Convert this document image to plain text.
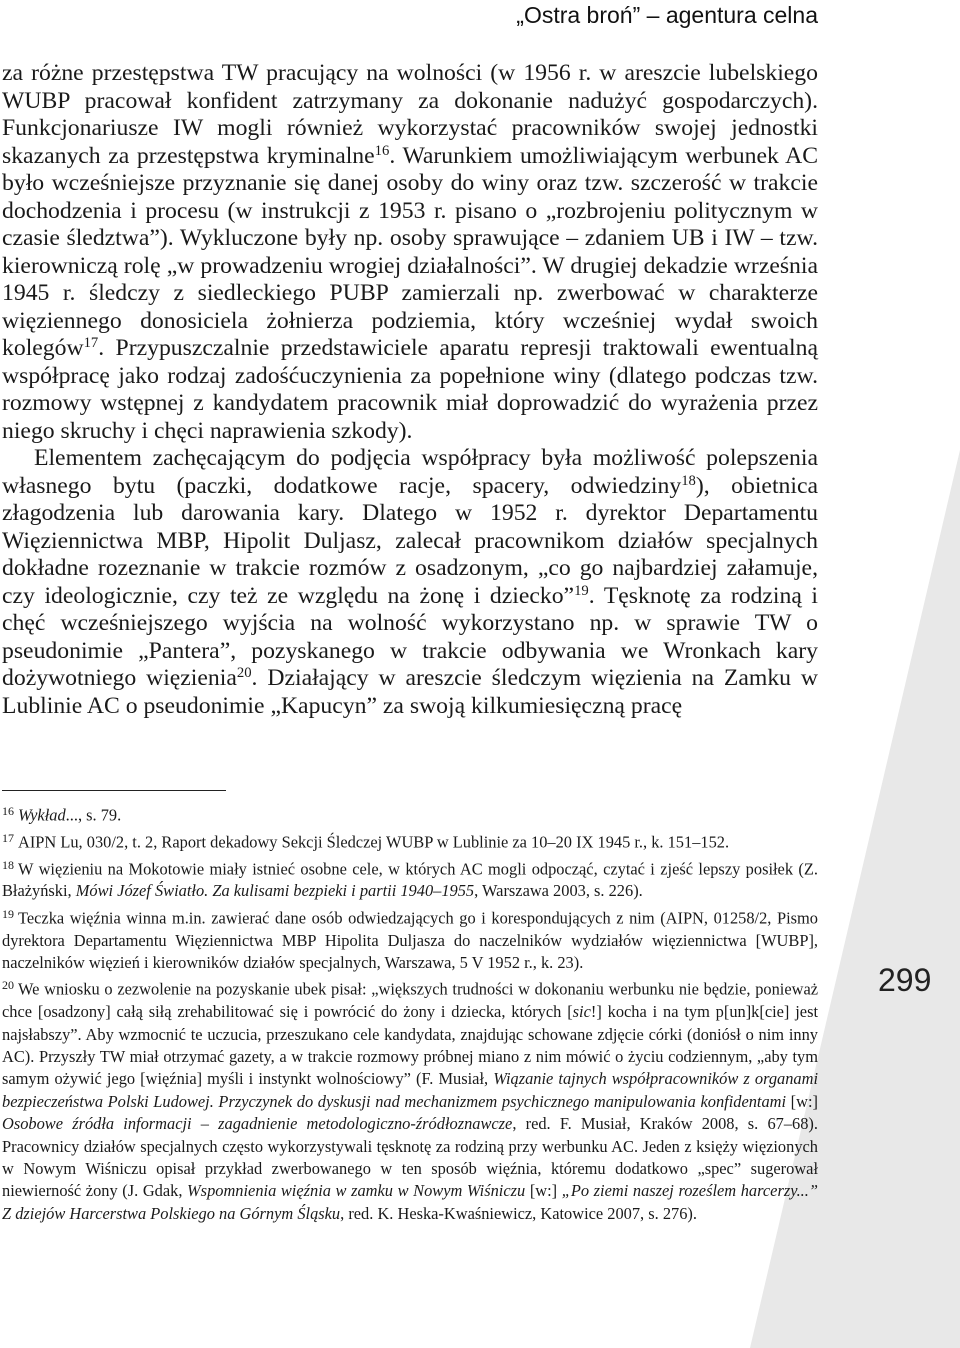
„Ostra broń” – agentura celna

za różne przestępstwa TW pracujący na wolności (w 1956 r. w areszcie lubelskiego WUBP pracował konfident zatrzymany za dokonanie nadużyć gospodarczych). Funkcjonariusze IW mogli również wykorzystać pracowników swojej jednostki skazanych za przestępstwa kryminalne$^{16}$. Warunkiem umożliwiającym werbunek AC było wcześniejsze przyznanie się danej osoby do winy oraz tzw. szczerość w trakcie dochodzenia i procesu (w instrukcji z 1953 r. pisano o „rozbrojeniu politycznym w czasie śledztwa”). Wykluczone były np. osoby sprawujące – zdaniem UB i IW – tzw. kierowniczą rolę „w prowadzeniu wrogiej działalności”. W drugiej dekadzie września 1945 r. śledczy z siedleckiego PUBP zamierzali np. zwerbować w charakterze więziennego donosiciela żołnierza podziemia, który wcześniej wydał swoich kolegów$^{17}$. Przypuszczalnie przedstawiciele aparatu represji traktowali ewentualną współpracę jako rodzaj zadośćuczynienia za popełnione winy (dlatego podczas tzw. rozmowy wstępnej z kandydatem pracownik miał doprowadzić do wyrażenia przez niego skruchy i chęci naprawienia szkody).

Elementem zachęcającym do podjęcia współpracy była możliwość polepszenia własnego bytu (paczki, dodatkowe racje, spacery, odwiedziny$^{18}$), obietnica złagodzenia lub darowania kary. Dlatego w 1952 r. dyrektor Departamentu Więziennictwa MBP, Hipolit Duljasz, zalecał pracownikom działów specjalnych dokładne rozeznanie w trakcie rozmów z osadzonym, „co go najbardziej załamuje, czy ideologicznie, czy też ze względu na żonę i dziecko”$^{19}$. Tęsknotę za rodziną i chęć wcześniejszego wyjścia na wolność wykorzystano np. w sprawie TW o pseudonimie „Pantera”, pozyskanego w trakcie odbywania we Wronkach kary dożywotniego więzienia$^{20}$. Działający w areszcie śledczym więzienia na Zamku w Lublinie AC o pseudonimie „Kapucyn” za swoją kilkumiesięczną pracę

$^{16}$ Wykład..., s. 79.

$^{17}$ AIPN Lu, 030/2, t. 2, Raport dekadowy Sekcji Śledczej WUBP w Lublinie za 10–20 IX 1945 r., k. 151–152.

$^{18}$ W więzieniu na Mokotowie miały istnieć osobne cele, w których AC mogli odpocząć, czytać i zjeść lepszy posiłek (Z. Błażyński, Mówi Józef Światło. Za kulisami bezpieki i partii 1940–1955, Warszawa 2003, s. 226).

$^{19}$ Teczka więźnia winna m.in. zawierać dane osób odwiedzających go i korespondujących z nim (AIPN, 01258/2, Pismo dyrektora Departamentu Więziennictwa MBP Hipolita Duljasza do naczelników wydziałów więziennictwa [WUBP], naczelników więzień i kierowników działów specjalnych, Warszawa, 5 V 1952 r., k. 23).

$^{20}$ We wniosku o zezwolenie na pozyskanie ubek pisał: „większych trudności w dokonaniu werbunku nie będzie, ponieważ chce [osadzony] całą siłą zrehabilitować się i powrócić do żony i dziecka, których [sic!] kocha i na tym p[un]k[cie] jest najsłabszy”. Aby wzmocnić te uczucia, przeszukano cele kandydata, znajdując schowane zdjęcie córki (doniósł o nim inny AC). Przyszły TW miał otrzymać gazety, a w trakcie rozmowy próbnej miano z nim mówić o życiu codziennym, „aby tym samym ożywić jego [więźnia] myśli i instynkt wolnościowy” (F. Musiał, Wiązanie tajnych współpracowników z organami bezpieczeństwa Polski Ludowej. Przyczynek do dyskusji nad mechanizmem psychicznego manipulowania konfidentami [w:] Osobowe źródła informacji – zagadnienie metodologiczno-źródłoznawcze, red. F. Musiał, Kraków 2008, s. 67–68). Pracownicy działów specjalnych często wykorzystywali tęsknotę za rodziną przy werbunku AC. Jeden z księży więzionych w Nowym Wiśniczu opisał przykład zwerbowanego w ten sposób więźnia, któremu dodatkowo „spec” sugerował niewierność żony (J. Gdak, Wspomnienia więźnia w zamku w Nowym Wiśniczu [w:] „Po ziemi naszej roześlem harcerzy...” Z dziejów Harcerstwa Polskiego na Górnym Śląsku, red. K. Heska-Kwaśniewicz, Katowice 2007, s. 276).

299
